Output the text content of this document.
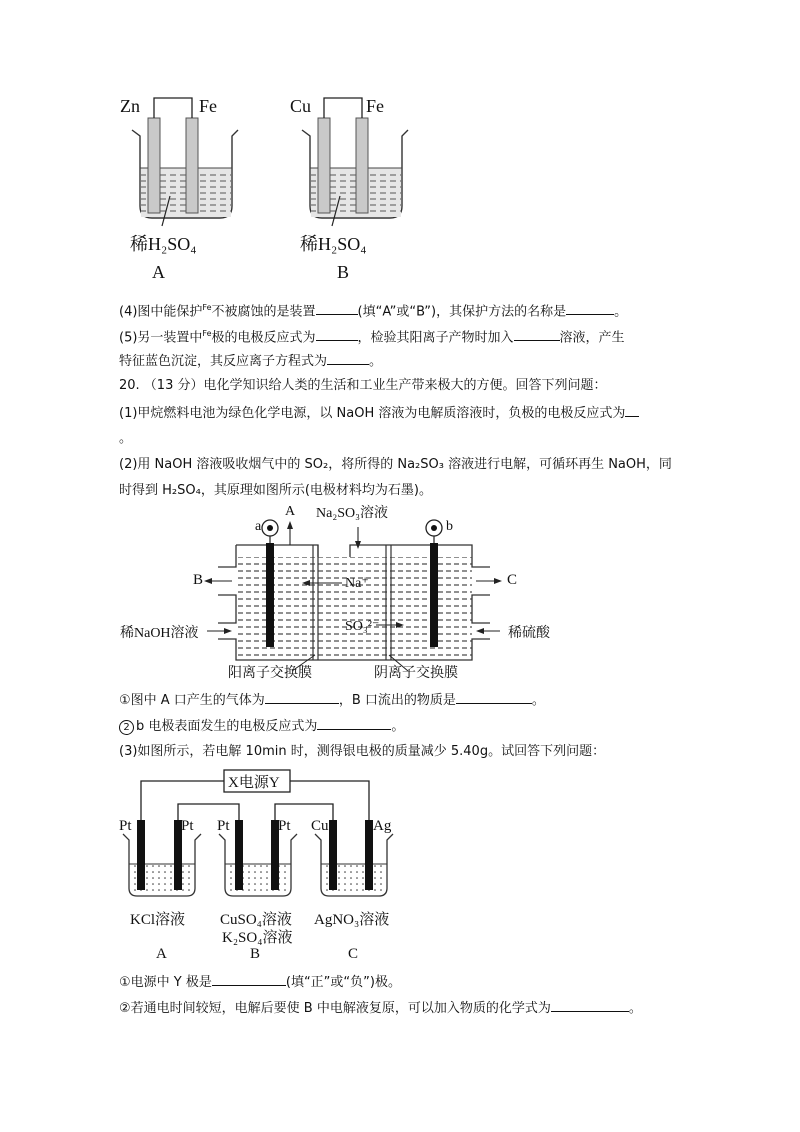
Zn	Fe
稀H₂SO₄
A
Cu	Fe
稀H₂SO₄
B
(4)图中能保护$^{Fe}$不被腐蚀的是装置	(填“A”或“B”)，其保护方法的名称是	。
(5)另一装置中$^{Fe}$极的电极反应式为	，检验其阳离子产物时加入	溶液，产生
特征蓝色沉淀，其反应离子方程式为	。
20. （13 分）电化学知识给人类的生活和工业生产带来极大的方便。回答下列问题：
(1)甲烷燃料电池为绿色化学电源，以 NaOH 溶液为电解质溶液时，负极的电极反应式为
。
(2)用 NaOH 溶液吸收烟气中的 SO₂，将所得的 Na₂SO₃ 溶液进行电解，可循环再生 NaOH，同
时得到 H₂SO₄，其原理如图所示(电极材料均为石墨)。
a	b
A Na₂SO₃溶液
B	C
Na⁺
SO₃²⁻
稀NaOH溶液	稀硫酸
阳离子交换膜	阴离子交换膜
①图中 A 口产生的气体为	，B 口流出的物质是	。
2 b 电极表面发生的电极反应式为	。
(3)如图所示，若电解 10min 时，测得银电极的质量减少 5.40g。试回答下列问题：
X电源Y
Pt	Pt Pt	Pt Cu	Ag
KCl溶液 CuSO₄溶液
K₂SO₄溶液
AgNO₃溶液
A	B	C
①电源中 Y 极是	(填“正”或“负”)极。
②若通电时间较短，电解后要使 B 中电解液复原，可以加入物质的化学式为	。
